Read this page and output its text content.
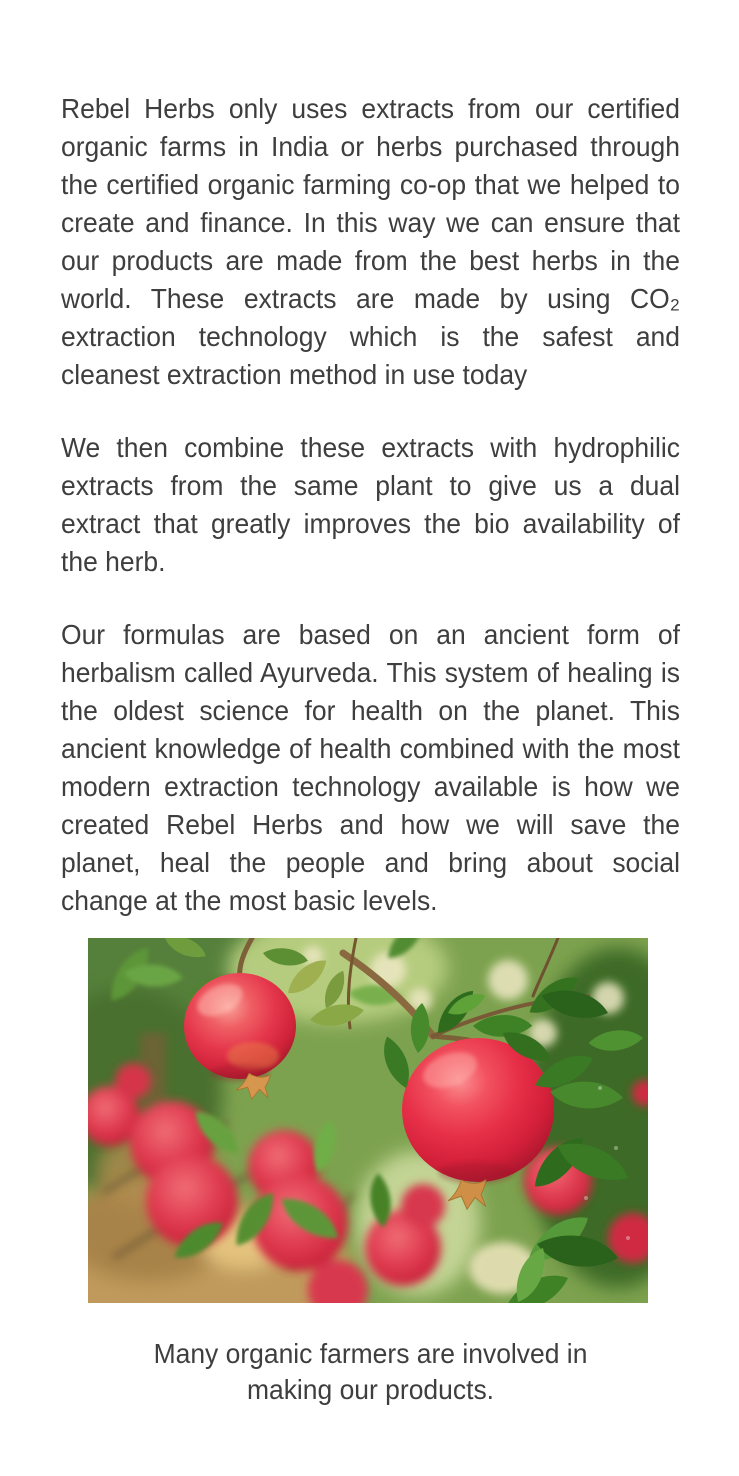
Rebel Herbs only uses extracts from our certified organic farms in India or herbs purchased through the certified organic farming co-op that we helped to create and finance. In this way we can ensure that our products are made from the best herbs in the world. These extracts are made by using CO₂ extraction technology which is the safest and cleanest extraction method in use today

We then combine these extracts with hydrophilic extracts from the same plant to give us a dual extract that greatly improves the bio availability of the herb.

Our formulas are based on an ancient form of herbalism called Ayurveda. This system of healing is the oldest science for health on the planet. This ancient knowledge of health combined with the most modern extraction technology available is how we created Rebel Herbs and how we will save the planet, heal the people and bring about social change at the most basic levels.

Many organic farmers are involved in making our products.
